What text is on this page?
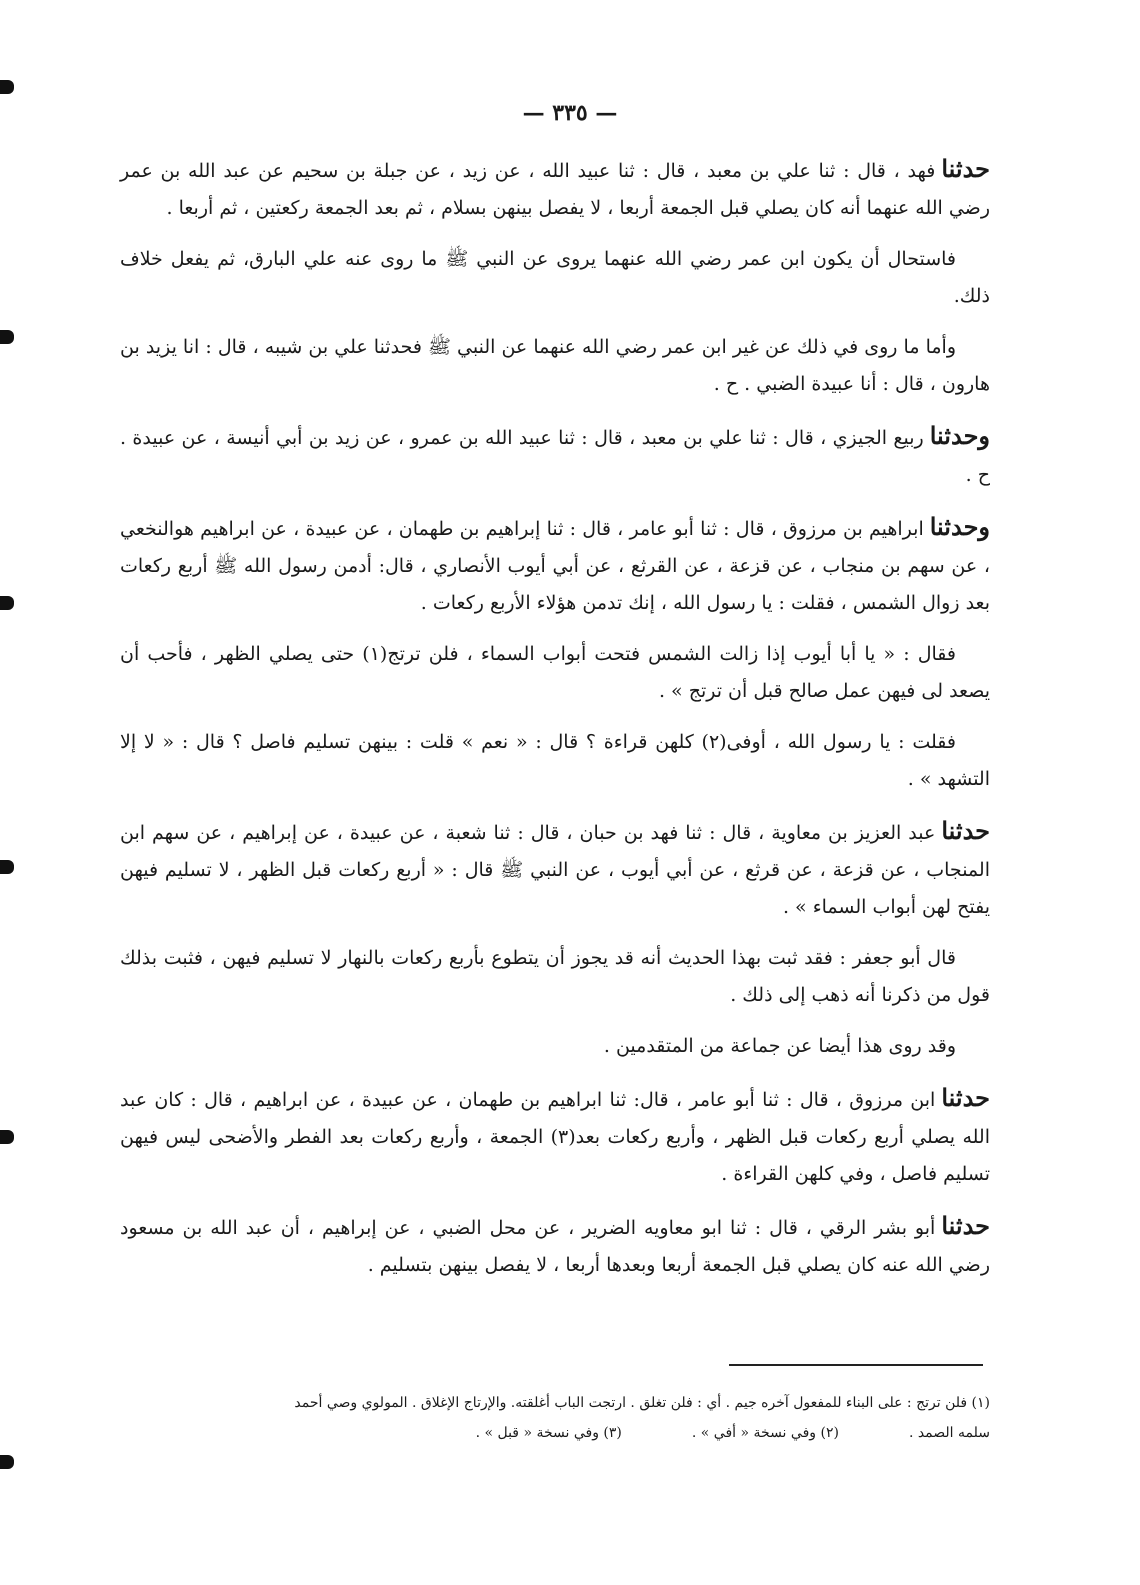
— ٣٣٥ —

حدثنافهد ، قال : ثنا علي بن معبد ، قال : ثنا عبيد الله ، عن زيد ، عن جبلة بن سحيم عن عبد الله بن عمر رضي الله عنهما أنه كان يصلي قبل الجمعة أربعا ، لا يفصل بينهن بسلام ، ثم بعد الجمعة ركعتين ، ثم أربعا .

فاستحال أن يكون ابن عمر رضي الله عنهما يروى عن النبي ﷺ ما روى عنه علي البارق، ثم يفعل خلاف ذلك.

وأما ما روى في ذلك عن غير ابن عمر رضي الله عنهما عن النبي ﷺ فحدثنا علي بن شيبه ، قال : انا يزيد بن هارون ، قال : أنا عبيدة الضبي . ح .

وحدثناربيع الجيزي ، قال : ثنا علي بن معبد ، قال : ثنا عبيد الله بن عمرو ، عن زيد بن أبي أنيسة ، عن عبيدة . ح .

وحدثناابراهيم بن مرزوق ، قال : ثنا أبو عامر ، قال : ثنا إبراهيم بن طهمان ، عن عبيدة ، عن ابراهيم هوالنخعي ، عن سهم بن منجاب ، عن قزعة ، عن القرثع ، عن أبي أيوب الأنصاري ، قال: أدمن رسول الله ﷺ أربع ركعات بعد زوال الشمس ، فقلت : يا رسول الله ، إنك تدمن هؤلاء الأربع ركعات .

فقال : « يا أبا أيوب إذا زالت الشمس فتحت أبواب السماء ، فلن ترتج(١) حتى يصلي الظهر ، فأحب أن يصعد لى فيهن عمل صالح قبل أن ترتج » .

فقلت : يا رسول الله ، أوفى(٢) كلهن قراءة ؟ قال : « نعم » قلت : بينهن تسليم فاصل ؟ قال : « لا إلا التشهد » .

حدثناعبد العزيز بن معاوية ، قال : ثنا فهد بن حبان ، قال : ثنا شعبة ، عن عبيدة ، عن إبراهيم ، عن سهم ابن المنجاب ، عن قزعة ، عن قرثع ، عن أبي أيوب ، عن النبي ﷺ قال : « أربع ركعات قبل الظهر ، لا تسليم فيهن يفتح لهن أبواب السماء » .

قال أبو جعفر : فقد ثبت بهذا الحديث أنه قد يجوز أن يتطوع بأربع ركعات بالنهار لا تسليم فيهن ، فثبت بذلك قول من ذكرنا أنه ذهب إلى ذلك .

وقد روى هذا أيضا عن جماعة من المتقدمين .

حدثناابن مرزوق ، قال : ثنا أبو عامر ، قال: ثنا ابراهيم بن طهمان ، عن عبيدة ، عن ابراهيم ، قال : كان عبد الله يصلي أربع ركعات قبل الظهر ، وأربع ركعات بعد(٣) الجمعة ، وأربع ركعات بعد الفطر والأضحى ليس فيهن تسليم فاصل ، وفي كلهن القراءة .

حدثناأبو بشر الرقي ، قال : ثنا ابو معاويه الضرير ، عن محل الضبي ، عن إبراهيم ، أن عبد الله بن مسعود رضي الله عنه كان يصلي قبل الجمعة أربعا وبعدها أربعا ، لا يفصل بينهن بتسليم .

(١) فلن ترتج : على البناء للمفعول آخره جيم . أي : فلن تغلق . ارتجت الباب أغلقته. والإرتاج الإغلاق . المولوي وصي أحمد
سلمه الصمد .
(٢) وفي نسخة « أفي » .
(٣) وفي نسخة « قبل » .
